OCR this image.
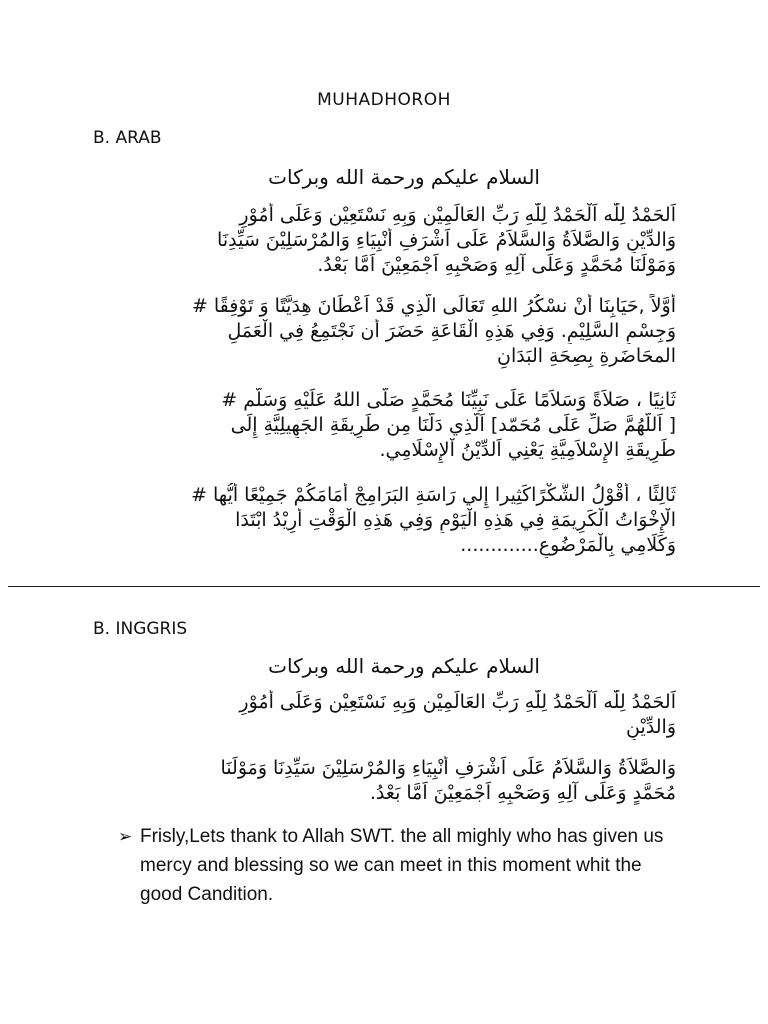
MUHADHOROH
B. ARAB
السلام عليكم ورحمة الله وبركات
اَلحَمْدُ لِلّٰه اَلْحَمْدُ لِلّٰهِ رَبِّ العَالَمِيْن وَبِهِ نَسْتَعِيْن وَعَلَى أُمُوْرِ
وَالدِّيْنِ وَالصَّلاَةُ وَالسَّلاَمُ عَلَى اَشْرَفِ أَنْبِيَاءِ وَالمُرْسَلِيْنَ سَيِّدِنَا
وَمَوْلَنَا مُحَمَّدٍ وَعَلَى آلِهِ وَصَحْبِهِ اَجْمَعِيْنَ اَمَّا بَعْدُ.
أَوَّلاً ,حَيَابِنَا أَنْ نسْكُرُ اللهِ تَعَالَى الَّذِي قَدْ اَعْطَانَ هِدَيَّتًا وَ تَوْفِقًا #
وَجِسْمِ السَّلِيْمِ. وَفِي هَذِهِ الْقَاعَةِ حَضَرَ أَن نَجْتَمِعُ فِي الْعَمَلِ
المحَاضَرةِ بِصِحَةِ البَدَانِ
ثَانِيًا ، صَلاَةً وَسَلاَمًا عَلَى نَبِيِّنَا مُحَمَّدٍ صَلَّى اللهُ عَلَيْهِ وَسَلَّم #
[ اَللَّهُمَّ صَلِّ عَلَى مُحَمّد] اَلَّذِي دَلَّنَا مِن طَرِيقَةِ الجَهِيلِيَّةِ إِلَى
طَرِيقَةِ الإِسْلاَمِيَّةِ يَعْنِي اَلدِّيْنُ اْلإِسْلَامِي.
ثَالِثًا ، أَقْوْلُ الشُّكْرًاكَثِيرا إِلي رَاسَةِ البَرَامِجْ أَمَامَكُمْ جَمِيْعًا أَيُّها #
الْإِخْوَاتُ الْكَرِيمَةِ فِي هَذِهِ الْيَوْمِ وَفِي هَذِهِ الْوَقْتِ أَرِيْدُ ابْتَدَا
وَكَلَامِي بِالْمَرْضُوعِ.............
B. INGGRIS
السلام عليكم ورحمة الله وبركات
اَلحَمْدُ لِلّٰه اَلْحَمْدُ لِلّٰهِ رَبِّ العَالَمِيْن وَبِهِ نَسْتَعِيْن وَعَلَى أُمُوْرِ
وَالدِّيْنِ
وَالصَّلاَةُ وَالسَّلاَمُ عَلَى اَشْرَفِ أَنْبِيَاءِ وَالمُرْسَلِيْنَ سَيِّدِنَا وَمَوْلَنَا
مُحَمَّدٍ وَعَلَى آلِهِ وَصَحْبِهِ اَجْمَعِيْنَ اَمَّا بَعْدُ.
➢ Frisly,Lets thank to Allah SWT. the all mighly who has given us mercy and blessing so we can meet in this moment whit the good Candition.
